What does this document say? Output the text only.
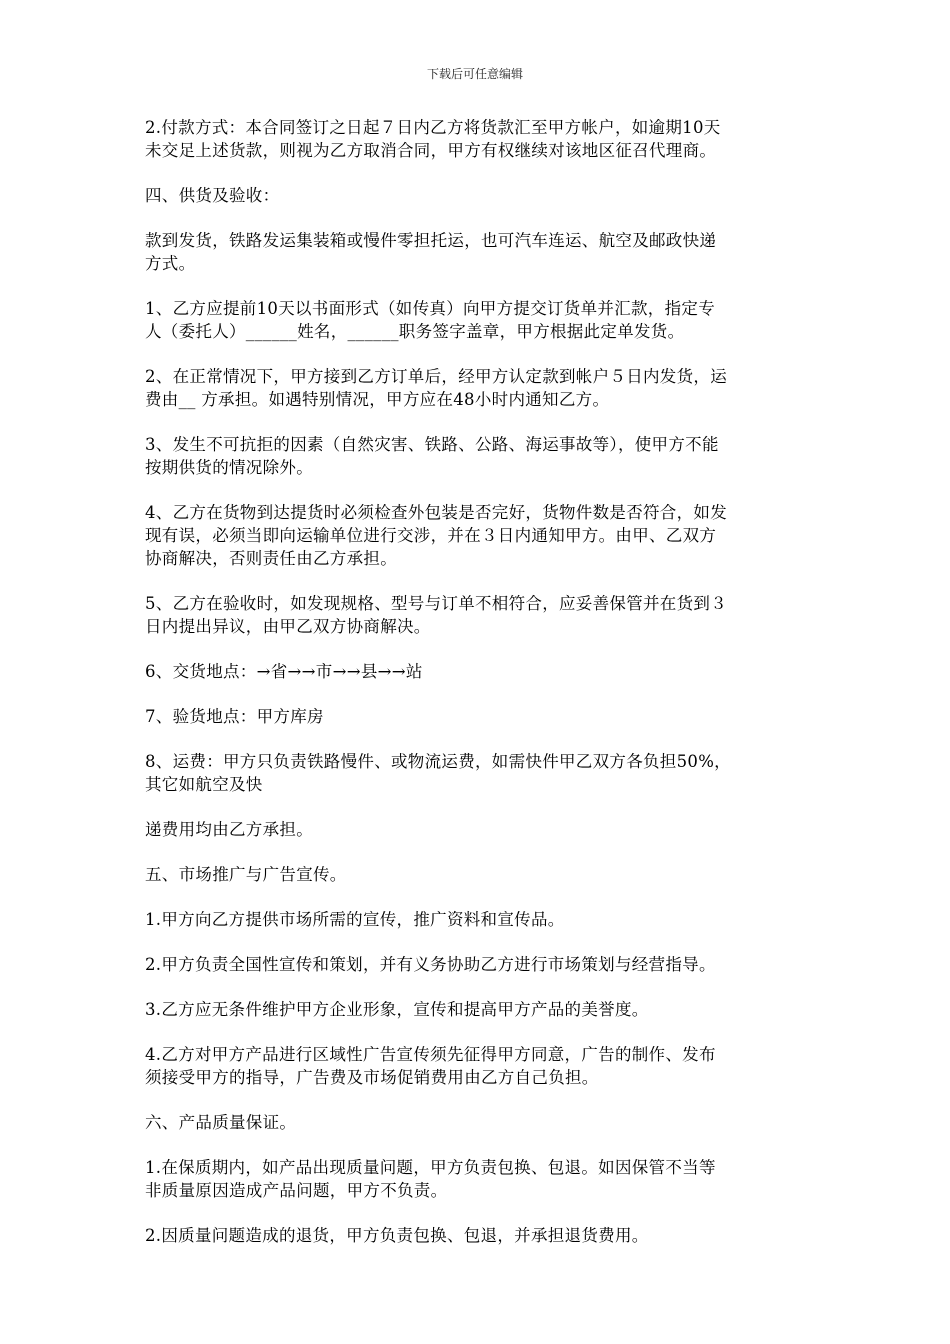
下载后可任意编辑
2.付款方式：本合同签订之日起７日内乙方将货款汇至甲方帐户，如逾期10天
未交足上述货款，则视为乙方取消合同，甲方有权继续对该地区征召代理商。
四、供货及验收：
款到发货，铁路发运集装箱或慢件零担托运，也可汽车连运、航空及邮政快递
方式。
1、乙方应提前10天以书面形式（如传真）向甲方提交订货单并汇款，指定专
人（委托人）______姓名，______职务签字盖章，甲方根据此定单发货。
2、在正常情况下，甲方接到乙方订单后，经甲方认定款到帐户５日内发货，运
费由__ 方承担。如遇特别情况，甲方应在48小时内通知乙方。
3、发生不可抗拒的因素（自然灾害、铁路、公路、海运事故等），使甲方不能
按期供货的情况除外。
4、乙方在货物到达提货时必须检查外包装是否完好，货物件数是否符合，如发
现有误，必须当即向运输单位进行交涉，并在３日内通知甲方。由甲、乙双方
协商解决，否则责任由乙方承担。
5、乙方在验收时，如发现规格、型号与订单不相符合，应妥善保管并在货到３
日内提出异议，由甲乙双方协商解决。
6、交货地点：→省→→市→→县→→站
7、验货地点：甲方库房
8、运费：甲方只负责铁路慢件、或物流运费，如需快件甲乙双方各负担50%，
其它如航空及快
递费用均由乙方承担。
五、市场推广与广告宣传。
1.甲方向乙方提供市场所需的宣传，推广资料和宣传品。
2.甲方负责全国性宣传和策划，并有义务协助乙方进行市场策划与经营指导。
3.乙方应无条件维护甲方企业形象，宣传和提高甲方产品的美誉度。
4.乙方对甲方产品进行区域性广告宣传须先征得甲方同意，广告的制作、发布
须接受甲方的指导，广告费及市场促销费用由乙方自己负担。
六、产品质量保证。
1.在保质期内，如产品出现质量问题，甲方负责包换、包退。如因保管不当等
非质量原因造成产品问题，甲方不负责。
2.因质量问题造成的退货，甲方负责包换、包退，并承担退货费用。
